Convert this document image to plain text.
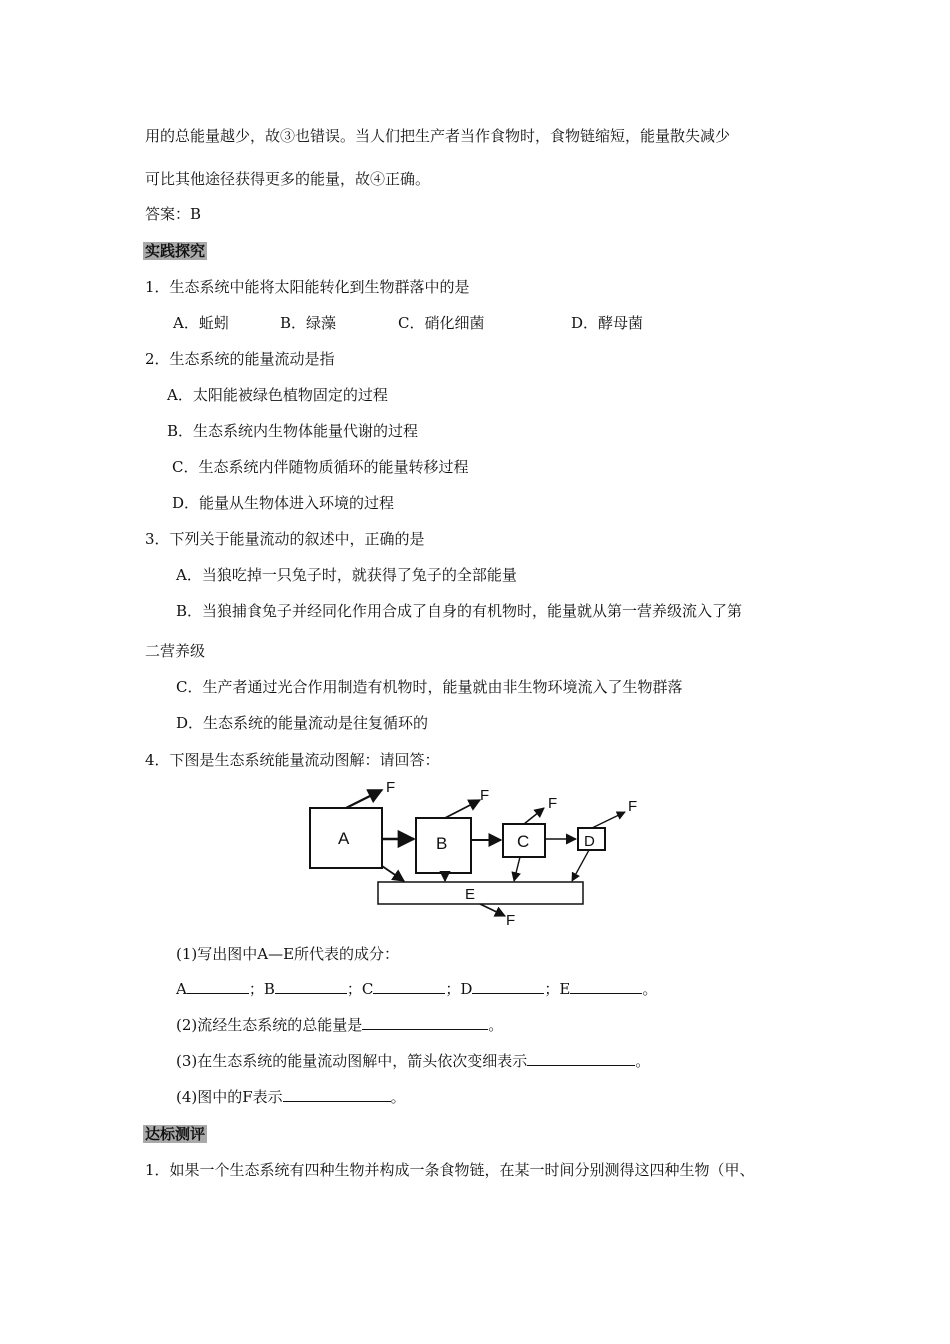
用的总能量越少，故③也错误。当人们把生产者当作食物时，食物链缩短，能量散失减少
可比其他途径获得更多的能量，故④正确。
答案：B
实践探究
1．生态系统中能将太阳能转化到生物群落中的是
A．蚯蚓	B．绿藻	C．硝化细菌	D．酵母菌
2．生态系统的能量流动是指
A．太阳能被绿色植物固定的过程
B．生态系统内生物体能量代谢的过程
C．生态系统内伴随物质循环的能量转移过程
D．能量从生物体进入环境的过程
3．下列关于能量流动的叙述中，正确的是
A．当狼吃掉一只兔子时，就获得了兔子的全部能量
B．当狼捕食兔子并经同化作用合成了自身的有机物时，能量就从第一营养级流入了第
二营养级
C．生产者通过光合作用制造有机物时，能量就由非生物环境流入了生物群落
D．生态系统的能量流动是往复循环的
4．下图是生态系统能量流动图解：请回答：
A	B	C	D
E
F	F	F	F
F
(1)写出图中A—E所代表的成分：
A	；B	；C	；D	；E	。
(2)流经生态系统的总能量是	。
(3)在生态系统的能量流动图解中，箭头依次变细表示	。
(4)图中的F表示	。
达标测评
1．如果一个生态系统有四种生物并构成一条食物链，在某一时间分别测得这四种生物（甲、
